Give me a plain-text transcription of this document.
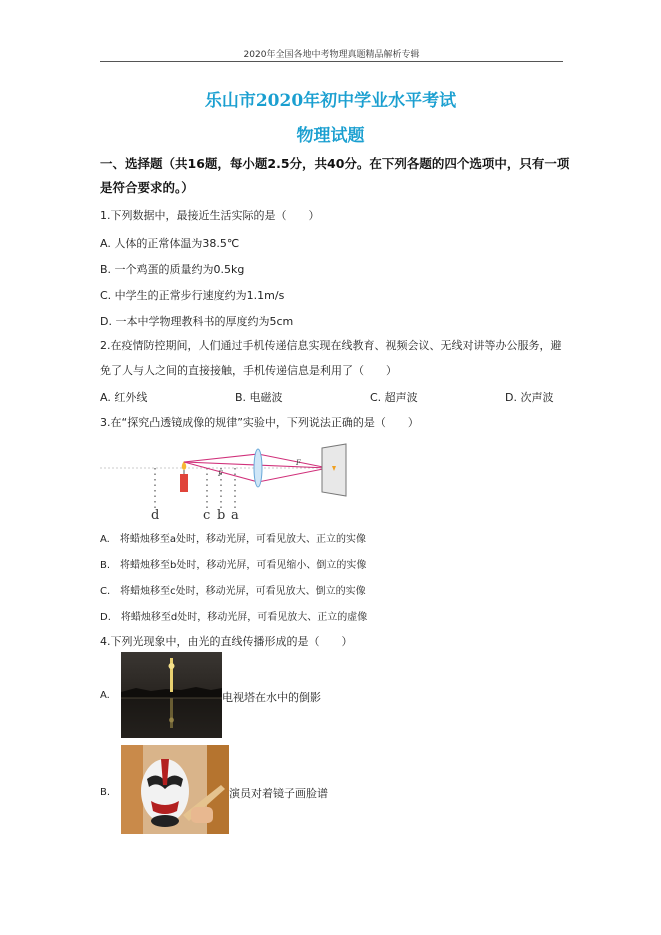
2020年全国各地中考物理真题精品解析专辑
乐山市2020年初中学业水平考试
物理试题
一、选择题（共16题，每小题2.5分，共40分。在下列各题的四个选项中，只有一项是符合要求的。）
1.下列数据中，最接近生活实际的是（　　）
A. 人体的正常体温为38.5℃
B. 一个鸡蛋的质量约为0.5kg
C. 中学生的正常步行速度约为1.1m/s
D. 一本中学物理教科书的厚度约为5cm
2.在疫情防控期间，人们通过手机传递信息实现在线教育、视频会议、无线对讲等办公服务，避免了人与人之间的直接接触，手机传递信息是利用了（　　）
A. 红外线	B. 电磁波	C. 超声波	D. 次声波
3.在“探究凸透镜成像的规律”实验中，下列说法正确的是（　　）
F
F
d	c b a
A.　将蜡烛移至a处时，移动光屏，可看见放大、正立的实像
B.　将蜡烛移至b处时，移动光屏，可看见缩小、倒立的实像
C.　将蜡烛移至c处时，移动光屏，可看见放大、倒立的实像
D.　将蜡烛移至d处时，移动光屏，可看见放大、正立的虚像
4.下列光现象中，由光的直线传播形成的是（　　）
A.	电视塔在水中的倒影
B.	演员对着镜子画脸谱
